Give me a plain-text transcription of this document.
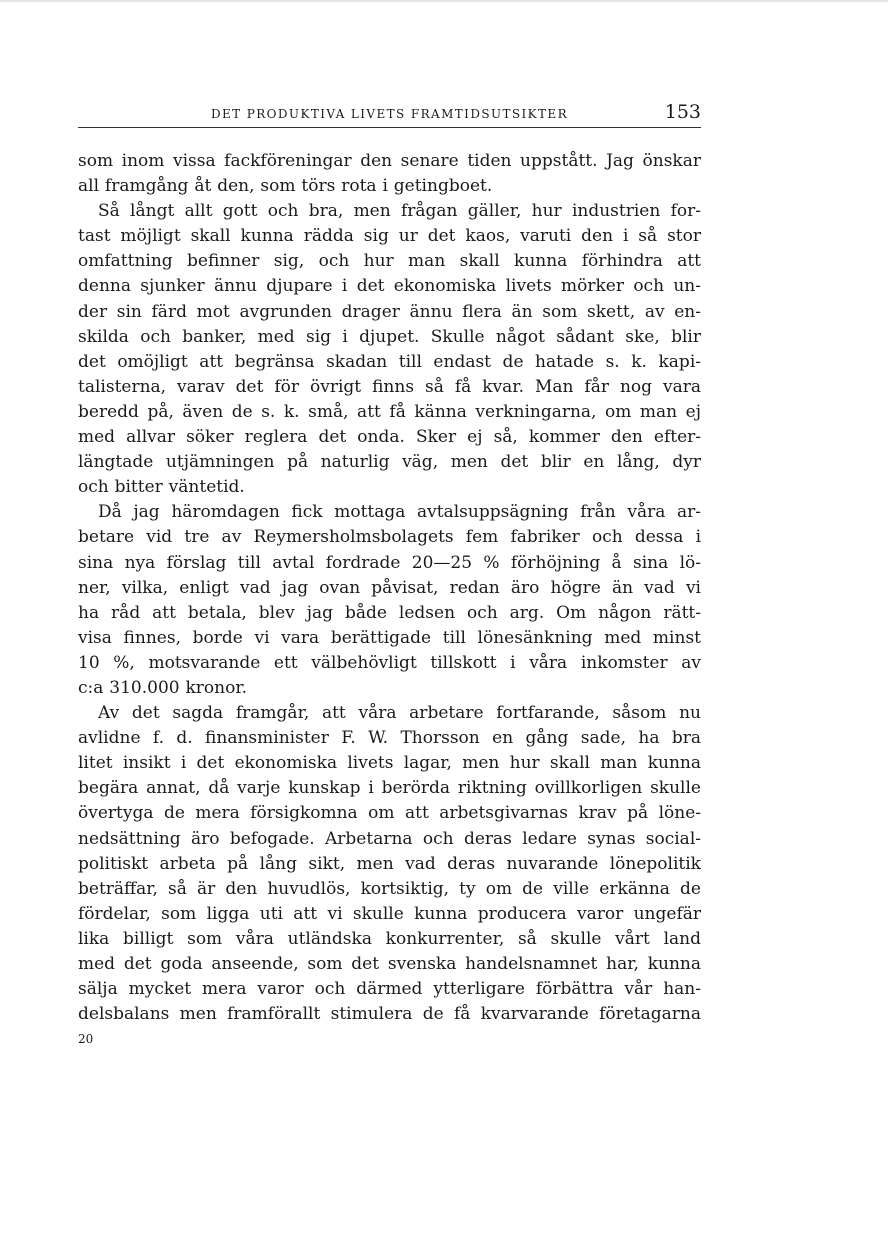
DET PRODUKTIVA LIVETS FRAMTIDSUTSIKTER	153
som inom vissa fackföreningar den senare tiden uppstått. Jag önskar
all framgång åt den, som törs rota i getingboet.
Så långt allt gott och bra, men frågan gäller, hur industrien for-
tast möjligt skall kunna rädda sig ur det kaos, varuti den i så stor
omfattning befinner sig, och hur man skall kunna förhindra att
denna sjunker ännu djupare i det ekonomiska livets mörker och un-
der sin färd mot avgrunden drager ännu flera än som skett, av en-
skilda och banker, med sig i djupet. Skulle något sådant ske, blir
det omöjligt att begränsa skadan till endast de hatade s. k. kapi-
talisterna, varav det för övrigt finns så få kvar. Man får nog vara
beredd på, även de s. k. små, att få känna verkningarna, om man ej
med allvar söker reglera det onda. Sker ej så, kommer den efter-
längtade utjämningen på naturlig väg, men det blir en lång, dyr
och bitter väntetid.
Då jag häromdagen fick mottaga avtalsuppsägning från våra ar-
betare vid tre av Reymersholmsbolagets fem fabriker och dessa i
sina nya förslag till avtal fordrade 20—25 % förhöjning å sina lö-
ner, vilka, enligt vad jag ovan påvisat, redan äro högre än vad vi
ha råd att betala, blev jag både ledsen och arg. Om någon rätt-
visa finnes, borde vi vara berättigade till lönesänkning med minst
10 %, motsvarande ett välbehövligt tillskott i våra inkomster av
c:a 310.000 kronor.
Av det sagda framgår, att våra arbetare fortfarande, såsom nu
avlidne f. d. finansminister F. W. Thorsson en gång sade, ha bra
litet insikt i det ekonomiska livets lagar, men hur skall man kunna
begära annat, då varje kunskap i berörda riktning ovillkorligen skulle
övertyga de mera försigkomna om att arbetsgivarnas krav på löne-
nedsättning äro befogade. Arbetarna och deras ledare synas social-
politiskt arbeta på lång sikt, men vad deras nuvarande lönepolitik
beträffar, så är den huvudlös, kortsiktig, ty om de ville erkänna de
fördelar, som ligga uti att vi skulle kunna producera varor ungefär
lika billigt som våra utländska konkurrenter, så skulle vårt land
med det goda anseende, som det svenska handelsnamnet har, kunna
sälja mycket mera varor och därmed ytterligare förbättra vår han-
delsbalans men framförallt stimulera de få kvarvarande företagarna
20
